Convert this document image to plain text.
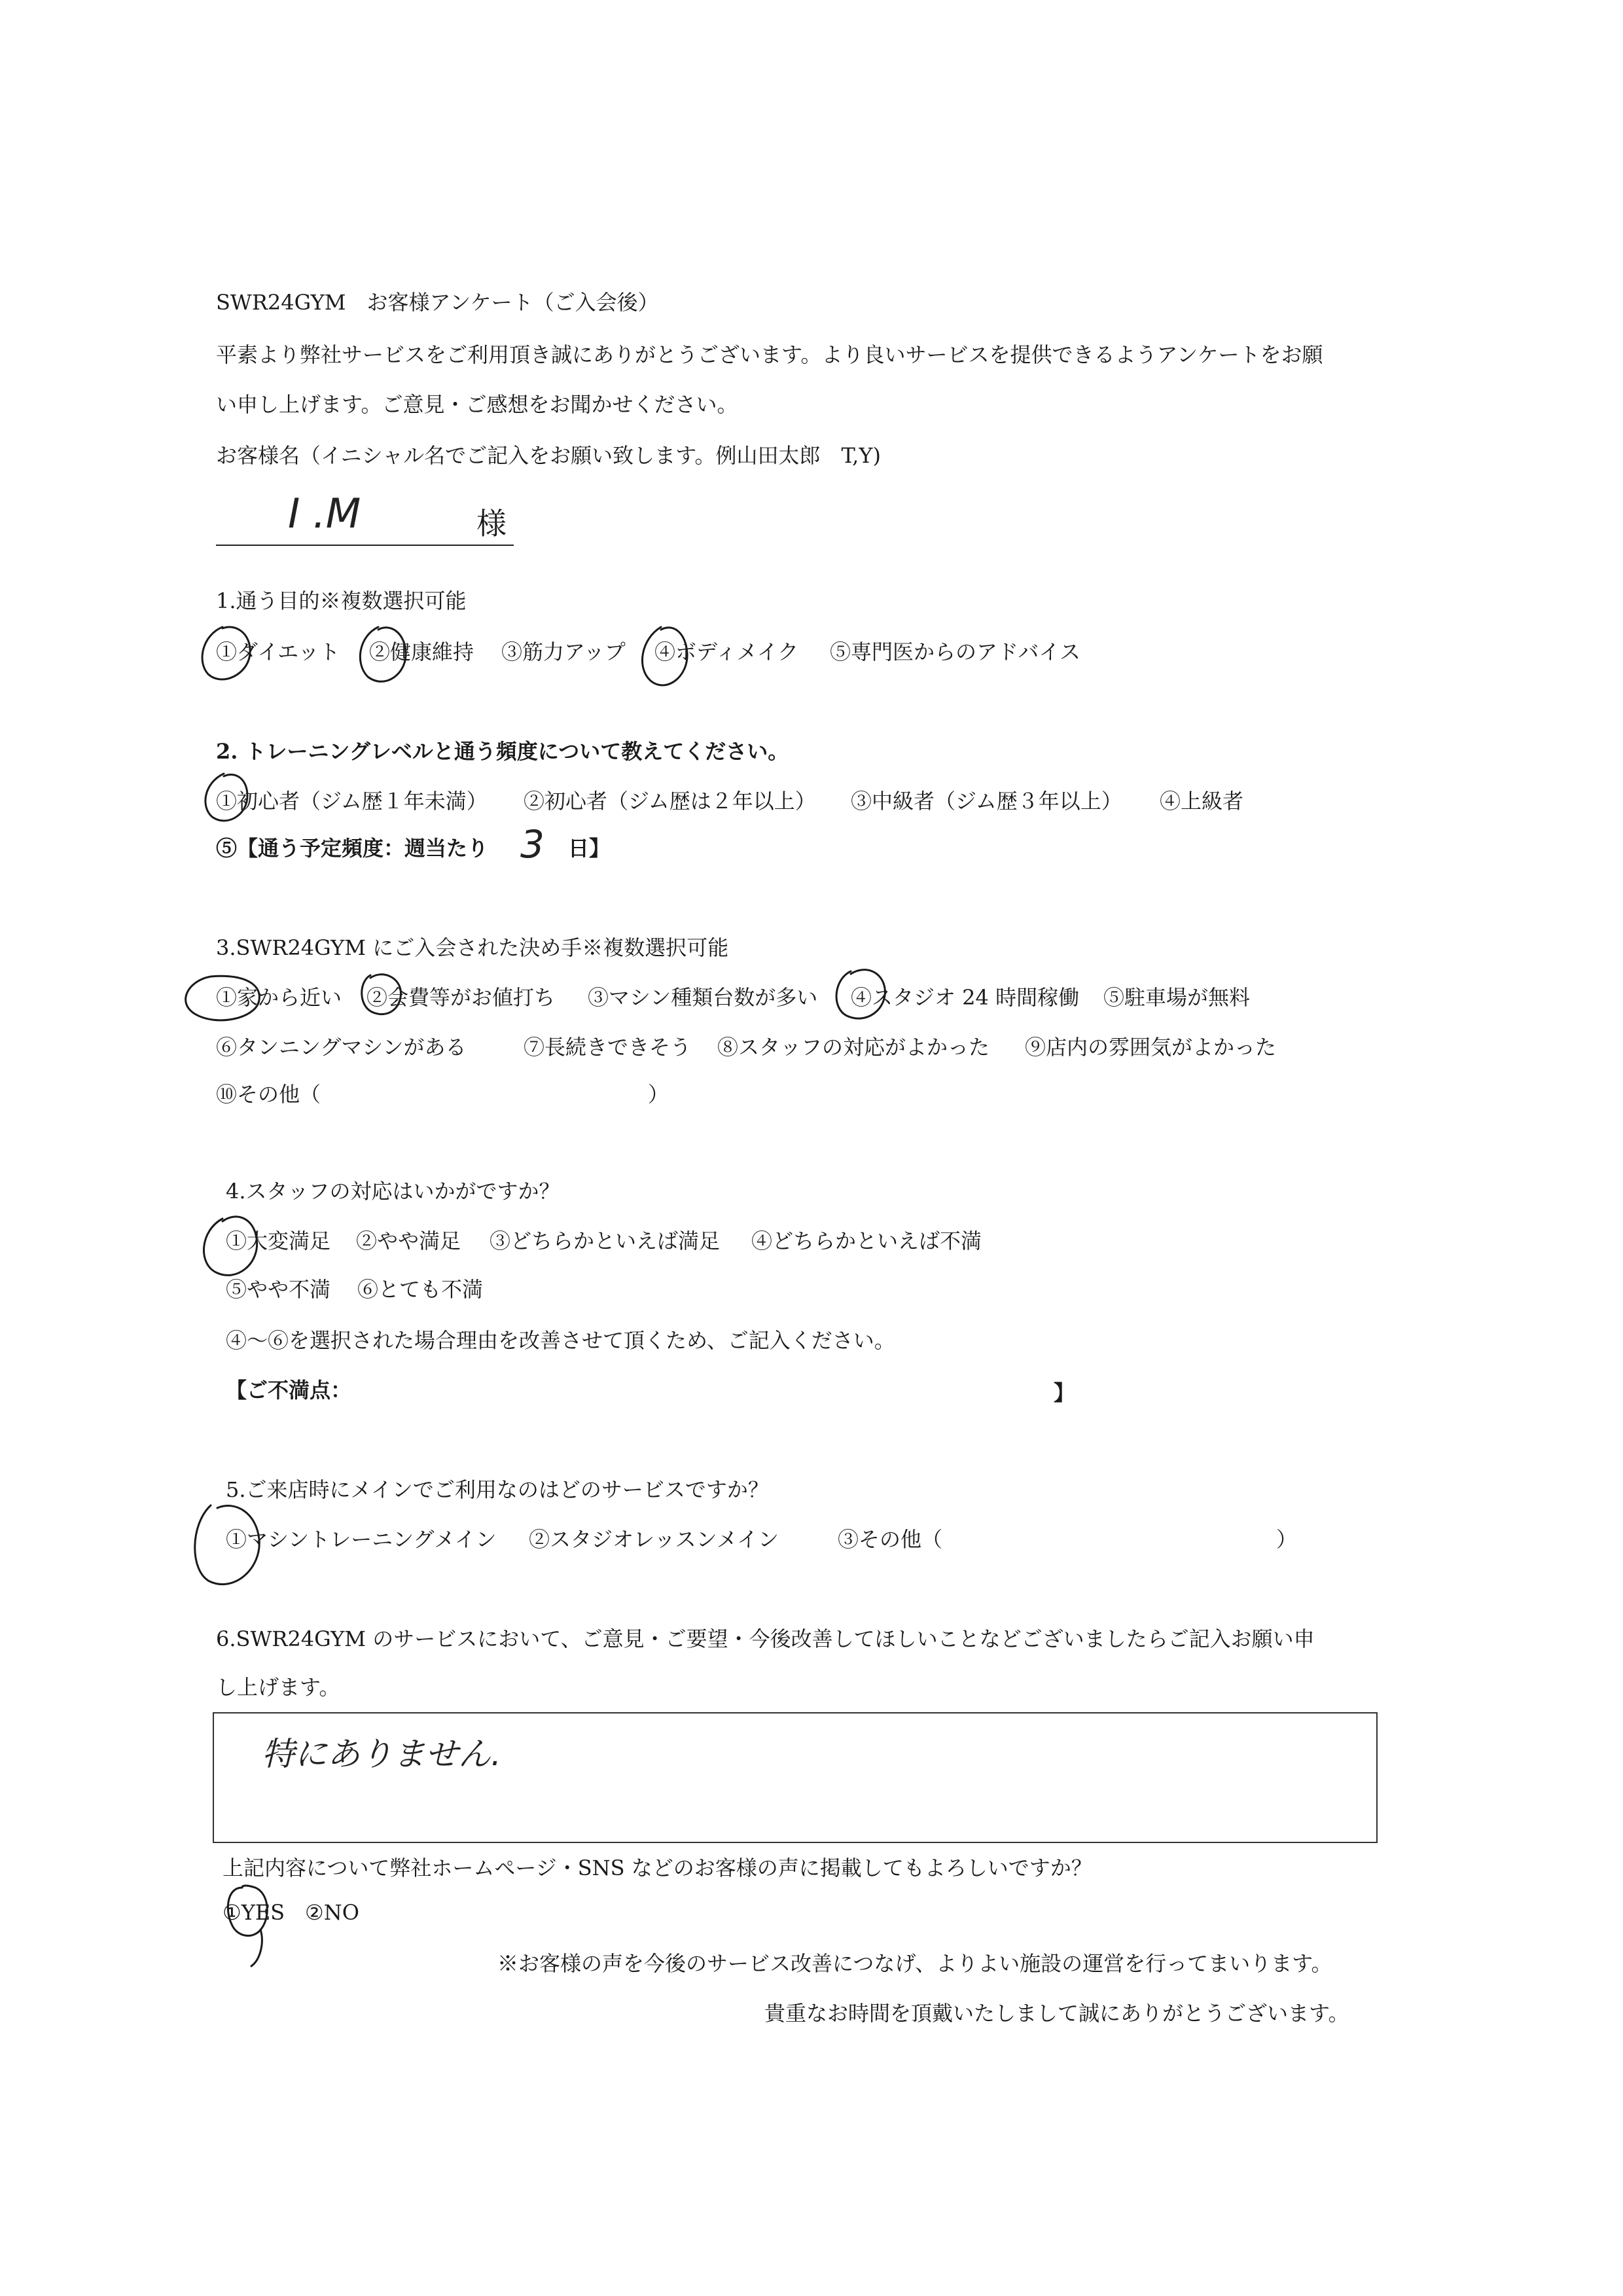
SWR24GYM　お客様アンケート（ご入会後）
平素より弊社サービスをご利用頂き誠にありがとうございます。より良いサービスを提供できるようアンケートをお願
い申し上げます。ご意見・ご感想をお聞かせください。
お客様名（イニシャル名でご記入をお願い致します。例山田太郎　T,Y)
I .M	様
1.通う目的※複数選択可能
①ダイエット ②健康維持 ③筋力アップ ④ボディメイク ⑤専門医からのアドバイス
2. トレーニングレベルと通う頻度について教えてください。
①初心者（ジム歴１年未満） ②初心者（ジム歴は２年以上） ③中級者（ジム歴３年以上） ④上級者
⑤【通う予定頻度：週当たり 3 日】
3.SWR24GYM にご入会された決め手※複数選択可能
①家から近い ②会費等がお値打ち ③マシン種類台数が多い ④スタジオ 24 時間稼働 ⑤駐車場が無料
⑥タンニングマシンがある	⑦長続きできそう ⑧スタッフの対応がよかった ⑨店内の雰囲気がよかった
⑩その他（	）
4.スタッフの対応はいかがですか？
①大変満足 ②やや満足 ③どちらかといえば満足 ④どちらかといえば不満
⑤やや不満 ⑥とても不満
④～⑥を選択された場合理由を改善させて頂くため、ご記入ください。
【ご不満点：	】
5.ご来店時にメインでご利用なのはどのサービスですか？
①マシントレーニングメイン ②スタジオレッスンメイン	③その他（	）
6.SWR24GYM のサービスにおいて、ご意見・ご要望・今後改善してほしいことなどございましたらご記入お願い申
し上げます。
特にありません.
上記内容について弊社ホームページ・SNS などのお客様の声に掲載してもよろしいですか？
①YES ②NO
※お客様の声を今後のサービス改善につなげ、よりよい施設の運営を行ってまいります。
貴重なお時間を頂戴いたしまして誠にありがとうございます。
